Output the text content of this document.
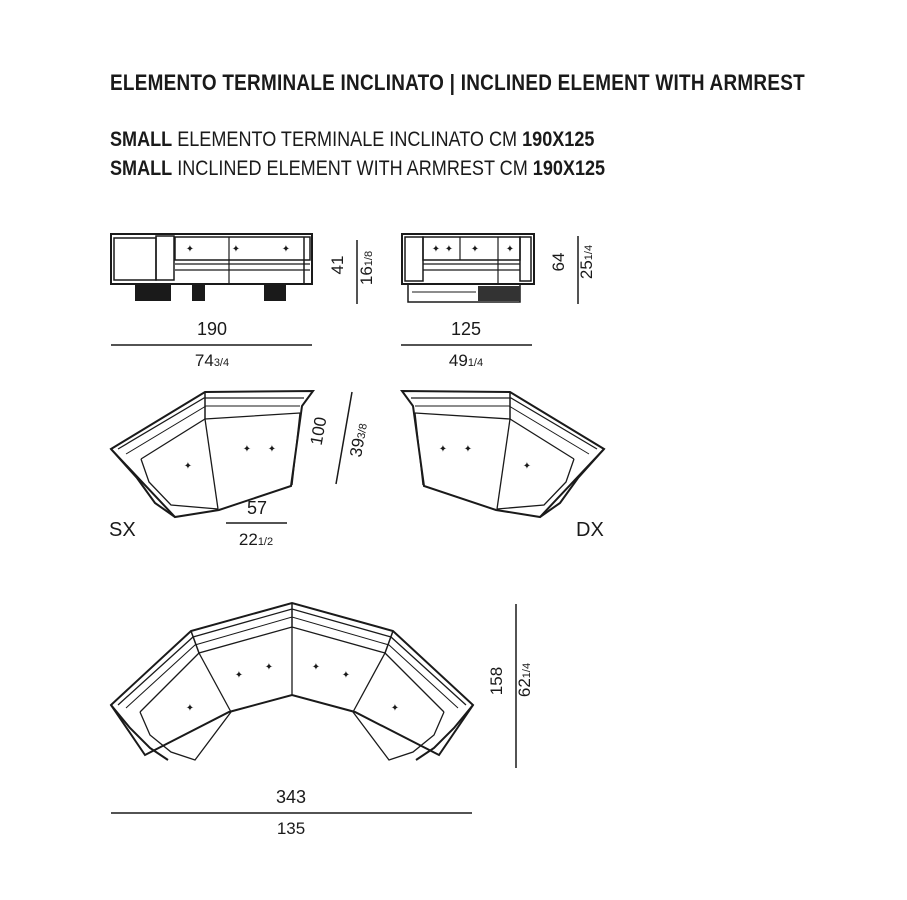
ELEMENTO TERMINALE INCLINATO | INCLINED ELEMENT WITH ARMREST
SMALL ELEMENTO TERMINALE INCLINATO CM 190X125
SMALL INCLINED ELEMENT WITH ARMREST CM 190X125
✦	✦	✦
41
161/8
190
743/4
✦ ✦ ✦	✦
64 251/4
125
491/4
✦
✦ ✦
SX
57
221/2
100
393/8
✦ ✦
✦
DX
✦
✦
✦	✦
✦
✦
158 621/4
343
135
